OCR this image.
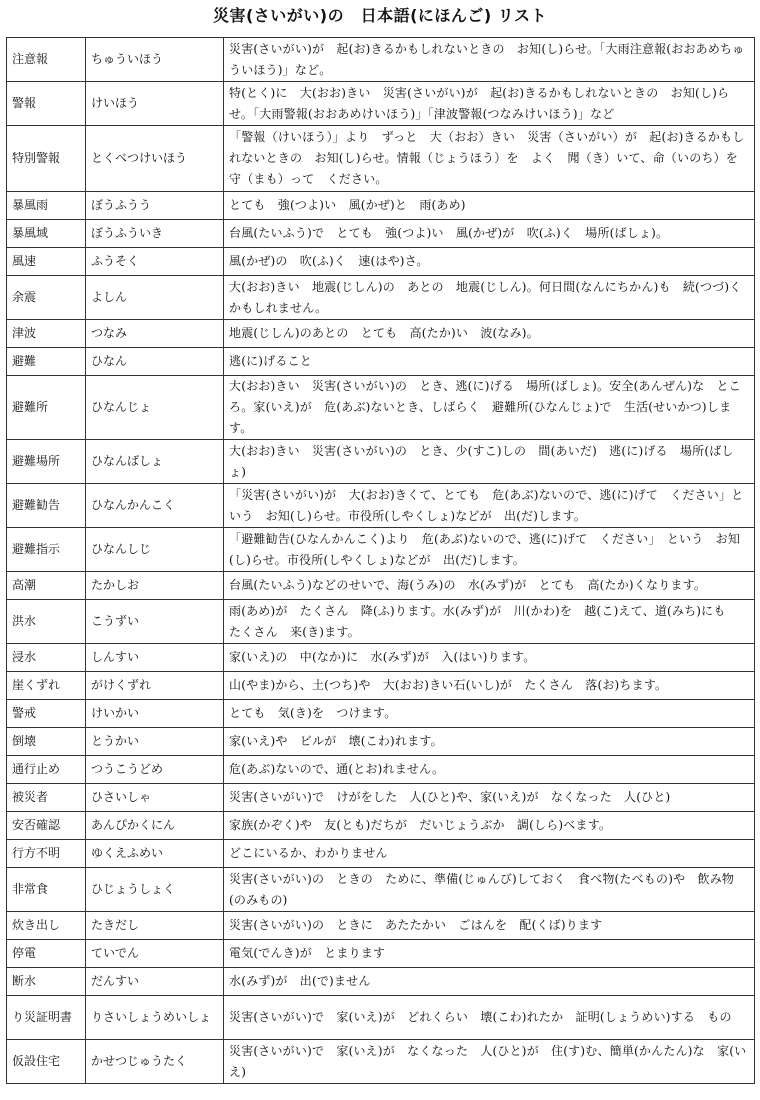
災害(さいがい)の　日本語(にほんご) リスト
注意報	ちゅういほう	災害(さいがい)が　起(お)きるかもしれないときの　お知(し)らせ。「大雨注意報(おおあめちゅういほう)」など。
警報	けいほう	特(とく)に　大(おお)きい　災害(さいがい)が　起(お)きるかもしれないときの　お知(し)らせ。「大雨警報(おおあめけいほう)」「津波警報(つなみけいほう)」など
特別警報	とくべつけいほう	「警報（けいほう）」より　ずっと　大（おお）きい　災害（さいがい）が　起(お)きるかもしれないときの　お知(し)らせ。情報（じょうほう）を　よく　聞（き）いて、命（いのち）を　守（まも）って　ください。
暴風雨	ぼうふうう	とても　強(つよ)い　風(かぜ)と　雨(あめ)
暴風域	ぼうふういき	台風(たいふう)で　とても　強(つよ)い　風(かぜ)が　吹(ふ)く　場所(ばしょ)。
風速	ふうそく	風(かぜ)の　吹(ふ)く　速(はや)さ。
余震	よしん	大(おお)きい　地震(じしん)の　あとの　地震(じしん)。何日間(なんにちかん)も　続(つづ)くかもしれません。
津波	つなみ	地震(じしん)のあとの　とても　高(たか)い　波(なみ)。
避難	ひなん	逃(に)げること
避難所	ひなんじょ	大(おお)きい　災害(さいがい)の　とき、逃(に)げる　場所(ばしょ)。安全(あんぜん)な　ところ。家(いえ)が　危(あぶ)ないとき、しばらく　避難所(ひなんじょ)で　生活(せいかつ)します。
避難場所	ひなんばしょ	大(おお)きい　災害(さいがい)の　とき、少(すこ)しの　間(あいだ)　逃(に)げる　場所(ばしょ)
避難勧告	ひなんかんこく	「災害(さいがい)が　大(おお)きくて、とても　危(あぶ)ないので、逃(に)げて　ください」という　お知(し)らせ。市役所(しやくしょ)などが　出(だ)します。
避難指示	ひなんしじ	「避難勧告(ひなんかんこく)より　危(あぶ)ないので、逃(に)げて　ください」　という　お知(し)らせ。市役所(しやくしょ)などが　出(だ)します。
高潮	たかしお	台風(たいふう)などのせいで、海(うみ)の　水(みず)が　とても　高(たか)くなります。
洪水	こうずい	雨(あめ)が　たくさん　降(ふ)ります。水(みず)が　川(かわ)を　越(こ)えて、道(みち)にも　たくさん　来(き)ます。
浸水	しんすい	家(いえ)の　中(なか)に　水(みず)が　入(はい)ります。
崖くずれ	がけくずれ	山(やま)から、土(つち)や　大(おお)きい石(いし)が　たくさん　落(お)ちます。
警戒	けいかい	とても　気(き)を　つけます。
倒壊	とうかい	家(いえ)や　ビルが　壊(こわ)れます。
通行止め	つうこうどめ	危(あぶ)ないので、通(とお)れません。
被災者	ひさいしゃ	災害(さいがい)で　けがをした　人(ひと)や、家(いえ)が　なくなった　人(ひと)
安否確認	あんぴかくにん	家族(かぞく)や　友(とも)だちが　だいじょうぶか　調(しら)べます。
行方不明	ゆくえふめい	どこにいるか、わかりません
非常食	ひじょうしょく	災害(さいがい)の　ときの　ために、準備(じゅんび)しておく　食べ物(たべもの)や　飲み物(のみもの)
炊き出し	たきだし	災害(さいがい)の　ときに　あたたかい　ごはんを　配(くば)ります
停電	ていでん	電気(でんき)が　とまります
断水	だんすい	水(みず)が　出(で)ません
り災証明書	りさいしょうめいしょ	災害(さいがい)で　家(いえ)が　どれくらい　壊(こわ)れたか　証明(しょうめい)する　もの
仮設住宅	かせつじゅうたく	災害(さいがい)で　家(いえ)が　なくなった　人(ひと)が　住(す)む、簡単(かんたん)な　家(いえ)
